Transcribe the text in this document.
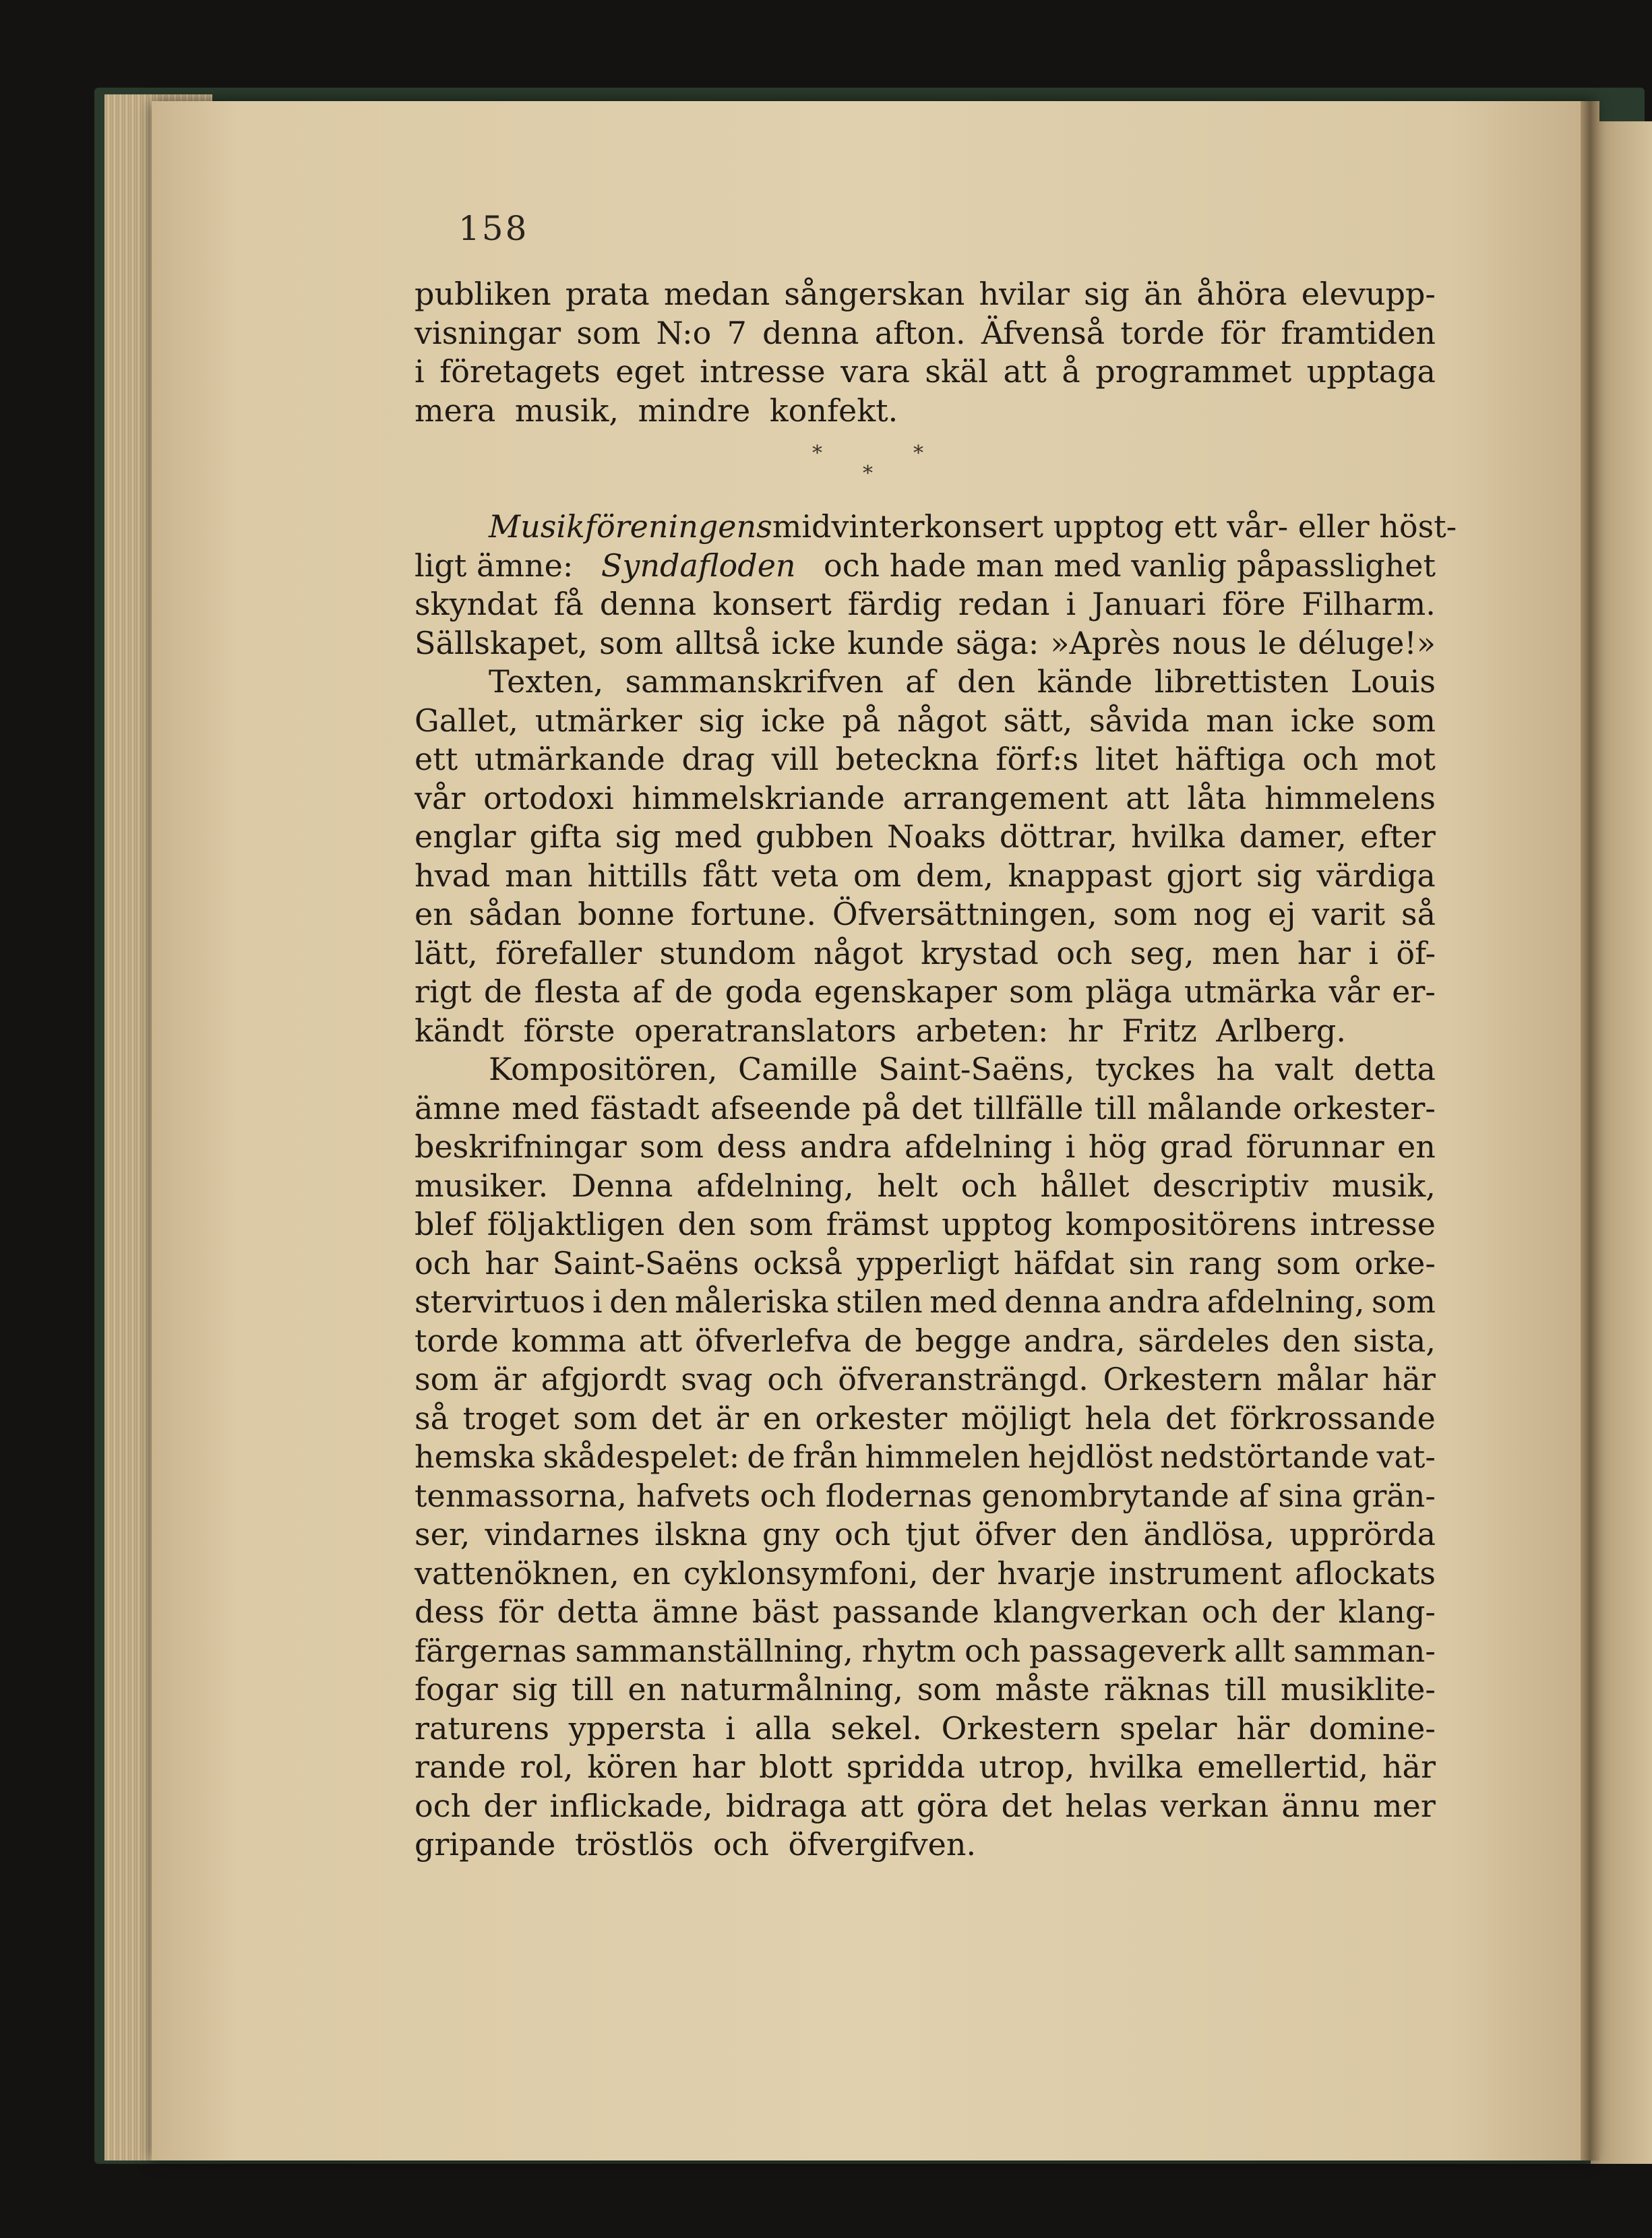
158
publiken prata medan sångerskan hvilar sig än åhöra elevupp-
visningar som N:o 7 denna afton. Äfvenså torde för framtiden
i företagets eget intresse vara skäl att å programmet upptaga
mera musik, mindre konfekt.
*	*
*
Musikföreningens midvinterkonsert upptog ett vår- eller höst-
ligt ämne: Syndafloden och hade man med vanlig påpasslighet
skyndat få denna konsert färdig redan i Januari före Filharm.
Sällskapet, som alltså icke kunde säga: »Après nous le déluge!»
Texten, sammanskrifven af den kände librettisten Louis
Gallet, utmärker sig icke på något sätt, såvida man icke som
ett utmärkande drag vill beteckna förf:s litet häftiga och mot
vår ortodoxi himmelskriande arrangement att låta himmelens
englar gifta sig med gubben Noaks döttrar, hvilka damer, efter
hvad man hittills fått veta om dem, knappast gjort sig värdiga
en sådan bonne fortune. Öfversättningen, som nog ej varit så
lätt, förefaller stundom något krystad och seg, men har i öf-
rigt de flesta af de goda egenskaper som pläga utmärka vår er-
kändt förste operatranslators arbeten: hr Fritz Arlberg.
Kompositören, Camille Saint-Saëns, tyckes ha valt detta
ämne med fästadt afseende på det tillfälle till målande orkester-
beskrifningar som dess andra afdelning i hög grad förunnar en
musiker. Denna afdelning, helt och hållet descriptiv musik,
blef följaktligen den som främst upptog kompositörens intresse
och har Saint-Saëns också ypperligt häfdat sin rang som orke-
stervirtuos i den måleriska stilen med denna andra afdelning, som
torde komma att öfverlefva de begge andra, särdeles den sista,
som är afgjordt svag och öfveransträngd. Orkestern målar här
så troget som det är en orkester möjligt hela det förkrossande
hemska skådespelet: de från himmelen hejdlöst nedstörtande vat-
tenmassorna, hafvets och flodernas genombrytande af sina grän-
ser, vindarnes ilskna gny och tjut öfver den ändlösa, upprörda
vattenöknen, en cyklonsymfoni, der hvarje instrument aflockats
dess för detta ämne bäst passande klangverkan och der klang-
färgernas sammanställning, rhytm och passageverk allt samman-
fogar sig till en naturmålning, som måste räknas till musiklite-
raturens yppersta i alla sekel. Orkestern spelar här domine-
rande rol, kören har blott spridda utrop, hvilka emellertid, här
och der inflickade, bidraga att göra det helas verkan ännu mer
gripande tröstlös och öfvergifven.
